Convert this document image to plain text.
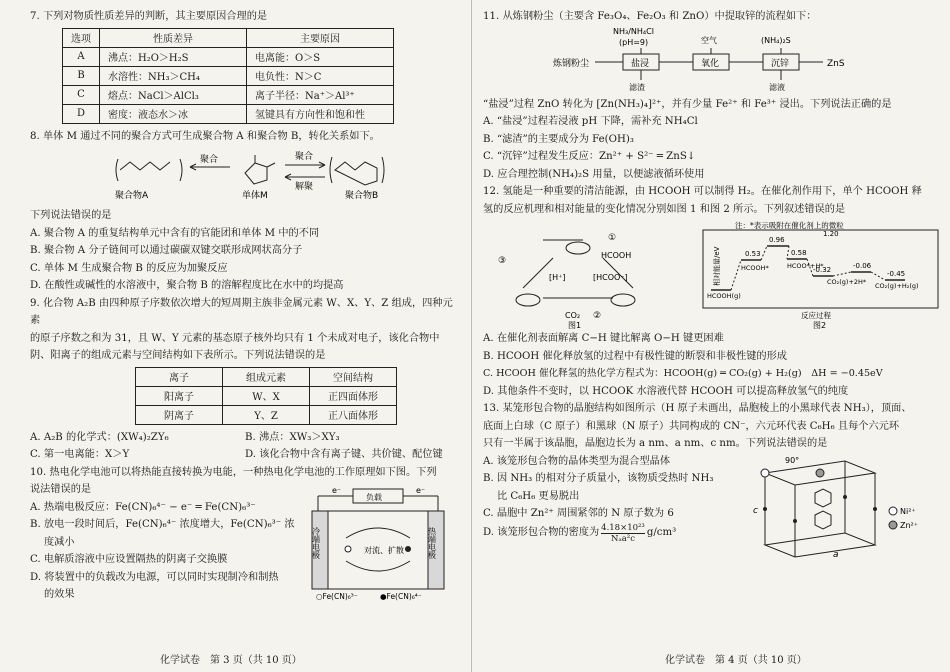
7. 下列对物质性质差异的判断，其主要原因合理的是
选项	性质差异	主要原因
A	沸点：H₂O＞H₂S	电离能：O＞S
B	水溶性：NH₃＞CH₄	电负性：N＞C
C	熔点：NaCl＞AlCl₃	离子半径：Na⁺＞Al³⁺
D	密度：液态水＞冰	氢键具有方向性和饱和性
8. 单体 M 通过不同的聚合方式可生成聚合物 A 和聚合物 B，转化关系如下。
聚合物A	单体M	聚合物B
聚合	聚合
解聚
下列说法错误的是
A. 聚合物 A 的重复结构单元中含有的官能团和单体 M 中的不同
B. 聚合物 A 分子链间可以通过碳碳双键交联形成网状高分子
C. 单体 M 生成聚合物 B 的反应为加聚反应
D. 在酸性或碱性的水溶液中，聚合物 B 的溶解程度比在水中的均提高
9. 化合物 A₂B 由四种原子序数依次增大的短周期主族非金属元素 W、X、Y、Z 组成，四种元素
的原子序数之和为 31，且 W、Y 元素的基态原子核外均只有 1 个未成对电子，该化合物中
阴、阳离子的组成元素与空间结构如下表所示。下列说法错误的是
离子	组成元素	空间结构
阳离子	W、X	正四面体形
阴离子	Y、Z	正八面体形
A. A₂B 的化学式：(XW₄)₂ZY₆	B. 沸点：XW₃＞XY₃
C. 第一电离能：X＞Y	D. 该化合物中含有离子键、共价键、配位键
10. 热电化学电池可以将热能直接转换为电能，一种热电化学电池的工作原理如下图。下列
说法错误的是
A. 热端电极反应：Fe(CN)₆⁴⁻ − e⁻ ═ Fe(CN)₆³⁻
B. 放电一段时间后，Fe(CN)₆⁴⁻ 浓度增大，Fe(CN)₆³⁻ 浓
度减小
C. 电解质溶液中应设置隔热的阴离子交换膜
D. 将装置中的负载改为电源，可以同时实现制冷和制热
的效果
负载
e⁻	e⁻
对流、扩散
冷端电极	热端电极
○Fe(CN)₆³⁻	●Fe(CN)₆⁴⁻
化学试卷　第 3 页（共 10 页）
11. 从炼钢粉尘（主要含 Fe₃O₄、Fe₂O₃ 和 ZnO）中提取锌的流程如下：
炼钢粉尘	盐浸	氧化	沉锌	ZnS
NH₃/NH₄Cl
(pH=9)	空气	(NH₄)₂S
滤渣	滤液
“盐浸”过程 ZnO 转化为 [Zn(NH₃)₄]²⁺，并有少量 Fe²⁺ 和 Fe³⁺ 浸出。下列说法正确的是
A. “盐浸”过程若浸液 pH 下降，需补充 NH₄Cl
B. “滤渣”的主要成分为 Fe(OH)₃
C. “沉锌”过程发生反应：Zn²⁺ + S²⁻ ═ ZnS↓
D. 应合理控制(NH₄)₂S 用量，以便滤液循环使用
12. 氢能是一种重要的清洁能源，由 HCOOH 可以制得 H₂。在催化剂作用下，单个 HCOOH 释
氢的反应机理和相对能量的变化情况分别如图 1 和图 2 所示。下列叙述错误的是
③
①
HCOOH
②
CO₂
[H⁺]	[HCOO⁻]
图1
注：*表示吸附在催化剂上的微粒
相对能量/eV
反应过程
0.53
0.96
0.58
1.20
-0.32	-0.06
-0.45
HCOOH(g)
HCOOH*	HCOO*+H*
CO₂(g)+2H* CO₂(g)+H₂(g)
图2
A. 在催化剂表面解离 C−H 键比解离 O−H 键更困难
B. HCOOH 催化释放氢的过程中有极性键的断裂和非极性键的形成
C. HCOOH 催化释氢的热化学方程式为：HCOOH(g) ═ CO₂(g) + H₂(g)　ΔH = −0.45eV
D. 其他条件不变时，以 HCOOK 水溶液代替 HCOOH 可以提高释放氢气的纯度
13. 某笼形包合物的晶胞结构如图所示（H 原子未画出，晶胞棱上的小黑球代表 NH₃），顶面、
底面上白球（C 原子）和黑球（N 原子）共同构成的 CN⁻，六元环代表 C₆H₆ 且每个六元环
只有一半属于该晶胞，晶胞边长为 a nm、a nm、c nm。下列说法错误的是
A. 该笼形包合物的晶体类型为混合型晶体
B. 因 NH₃ 的相对分子质量小，该物质受热时 NH₃
比 C₆H₆ 更易脱出
C. 晶胞中 Zn²⁺ 周围紧邻的 N 原子数为 6
D. 该笼形包合物的密度为 4.18×10²³
Nₐa²c
g/cm³
90°
c
a
Ni²⁺
Zn²⁺
化学试卷　第 4 页（共 10 页）
